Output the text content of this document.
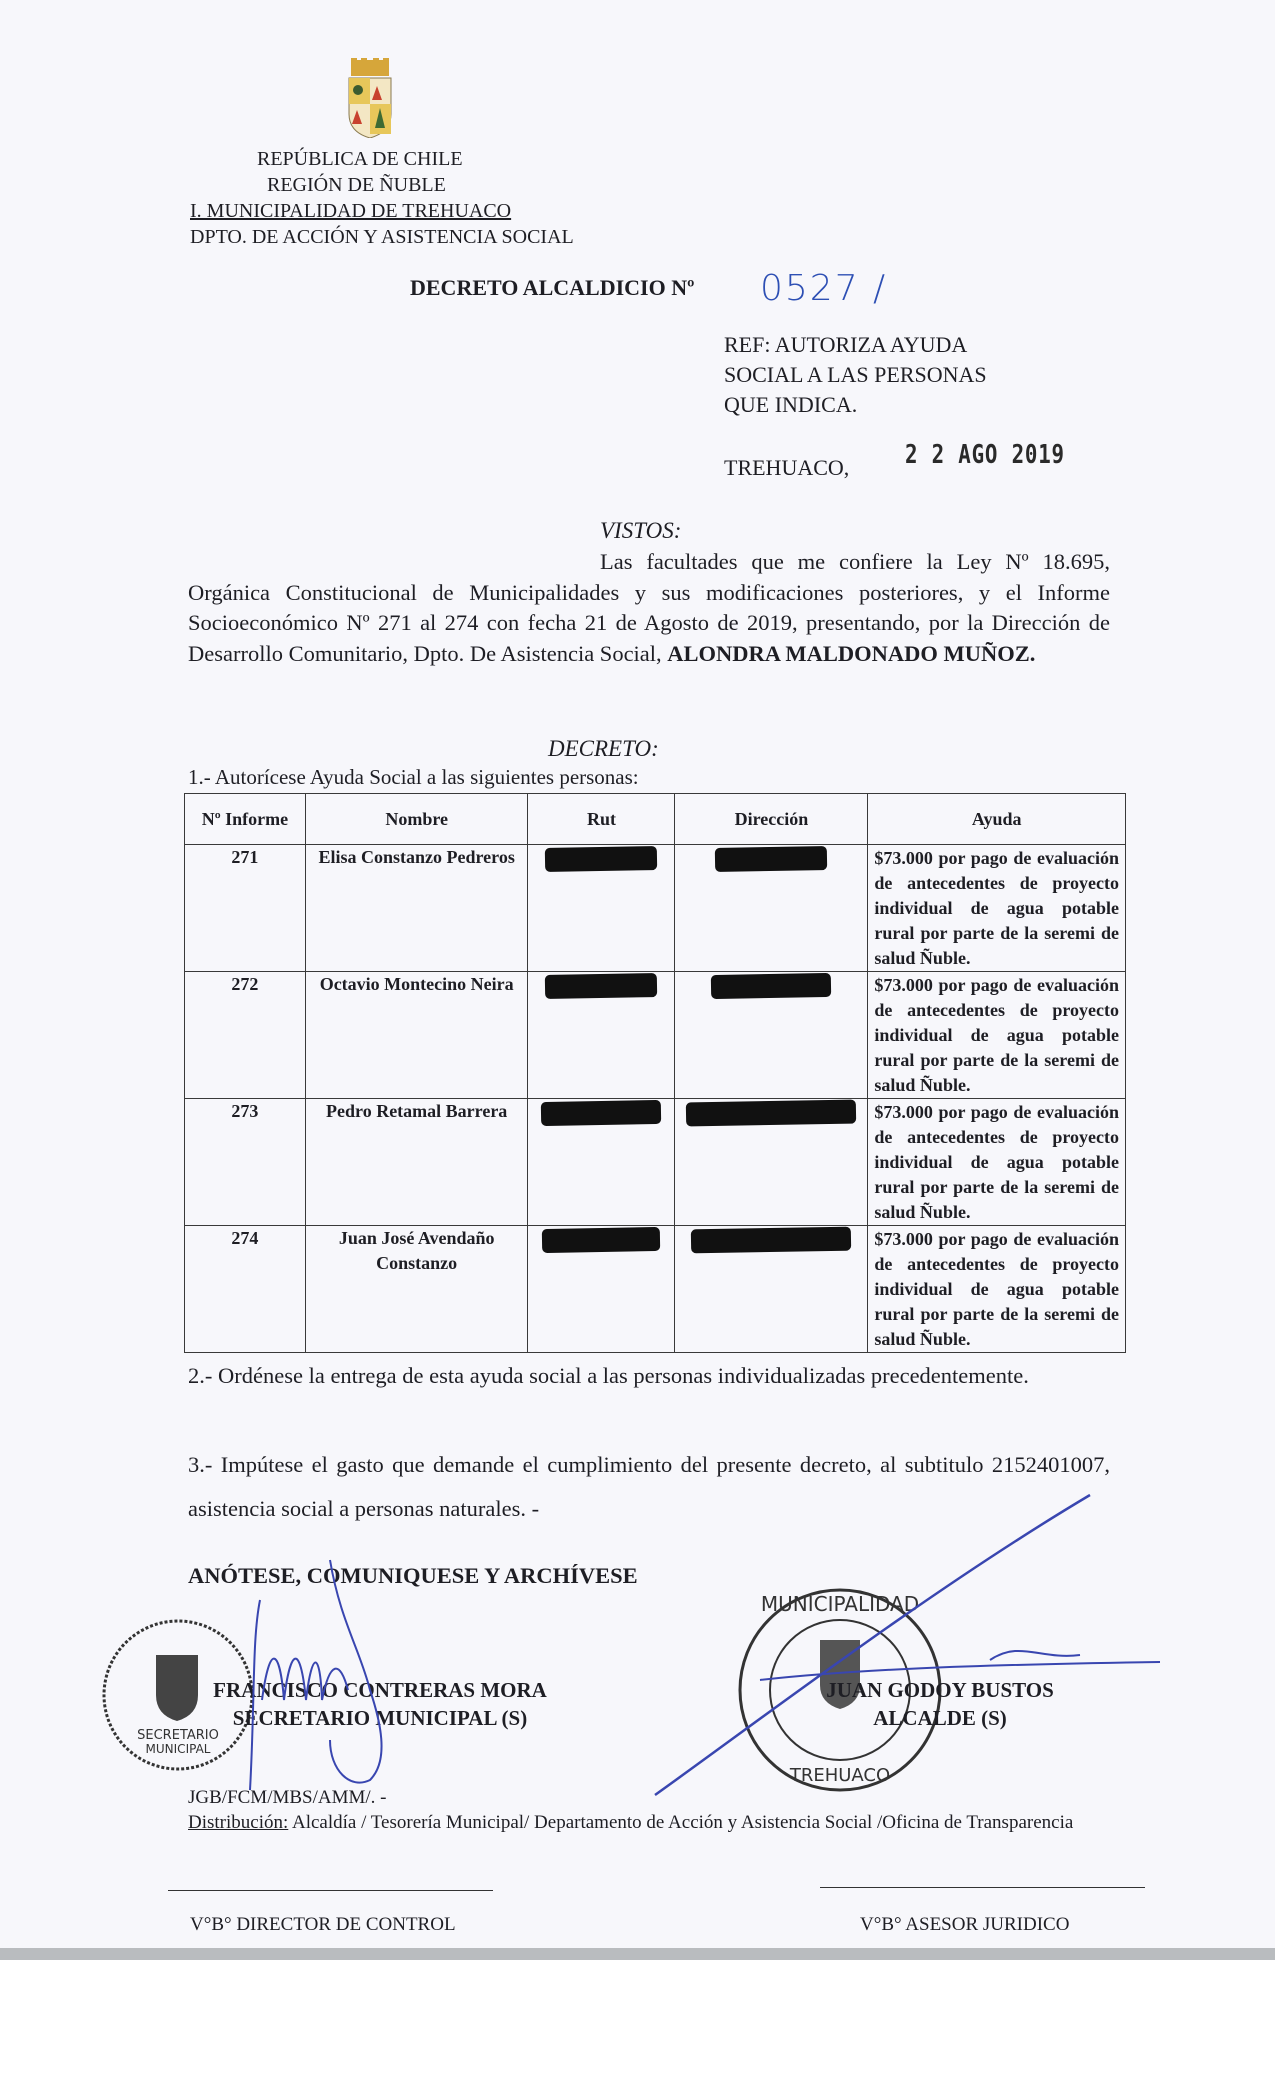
REPÚBLICA DE CHILE
REGIÓN DE ÑUBLE
I. MUNICIPALIDAD DE TREHUACO
DPTO. DE ACCIÓN Y ASISTENCIA SOCIAL
DECRETO ALCALDICIO Nº 0527 /
REF: AUTORIZA AYUDA
SOCIAL A LAS PERSONAS
QUE INDICA.
TREHUACO, 2 2 AGO 2019
VISTOS:
Las facultades que me confiere la Ley Nº 18.695, Orgánica Constitucional de Municipalidades y sus modificaciones posteriores, y el Informe Socioeconómico Nº 271 al 274 con fecha 21 de Agosto de 2019, presentando, por la Dirección de Desarrollo Comunitario, Dpto. De Asistencia Social, ALONDRA MALDONADO MUÑOZ.
DECRETO:
1.- Autorícese Ayuda Social a las siguientes personas:
Nº Informe	Nombre	Rut	Dirección	Ayuda
271	Elisa Constanzo Pedreros			$73.000 por pago de evaluación de antecedentes de proyecto individual de agua potable rural por parte de la seremi de salud Ñuble.
272	Octavio Montecino Neira			$73.000 por pago de evaluación de antecedentes de proyecto individual de agua potable rural por parte de la seremi de salud Ñuble.
273	Pedro Retamal Barrera			$73.000 por pago de evaluación de antecedentes de proyecto individual de agua potable rural por parte de la seremi de salud Ñuble.
274	Juan José Avendaño Constanzo			$73.000 por pago de evaluación de antecedentes de proyecto individual de agua potable rural por parte de la seremi de salud Ñuble.
2.- Ordénese la entrega de esta ayuda social a las personas individualizadas precedentemente.
3.- Impútese el gasto que demande el cumplimiento del presente decreto, al subtitulo 2152401007, asistencia social a personas naturales. -
ANÓTESE, COMUNIQUESE Y ARCHÍVESE
SECRETARIO
MUNICIPAL
MUNICIPALIDAD
TREHUACO
FRANCISCO CONTRERAS MORA
SECRETARIO MUNICIPAL (S)
JUAN GODOY BUSTOS
ALCALDE (S)
JGB/FCM/MBS/AMM/. -
Distribución: Alcaldía / Tesorería Municipal/ Departamento de Acción y Asistencia Social /Oficina de Transparencia
V°B° DIRECTOR DE CONTROL	V°B° ASESOR JURIDICO
